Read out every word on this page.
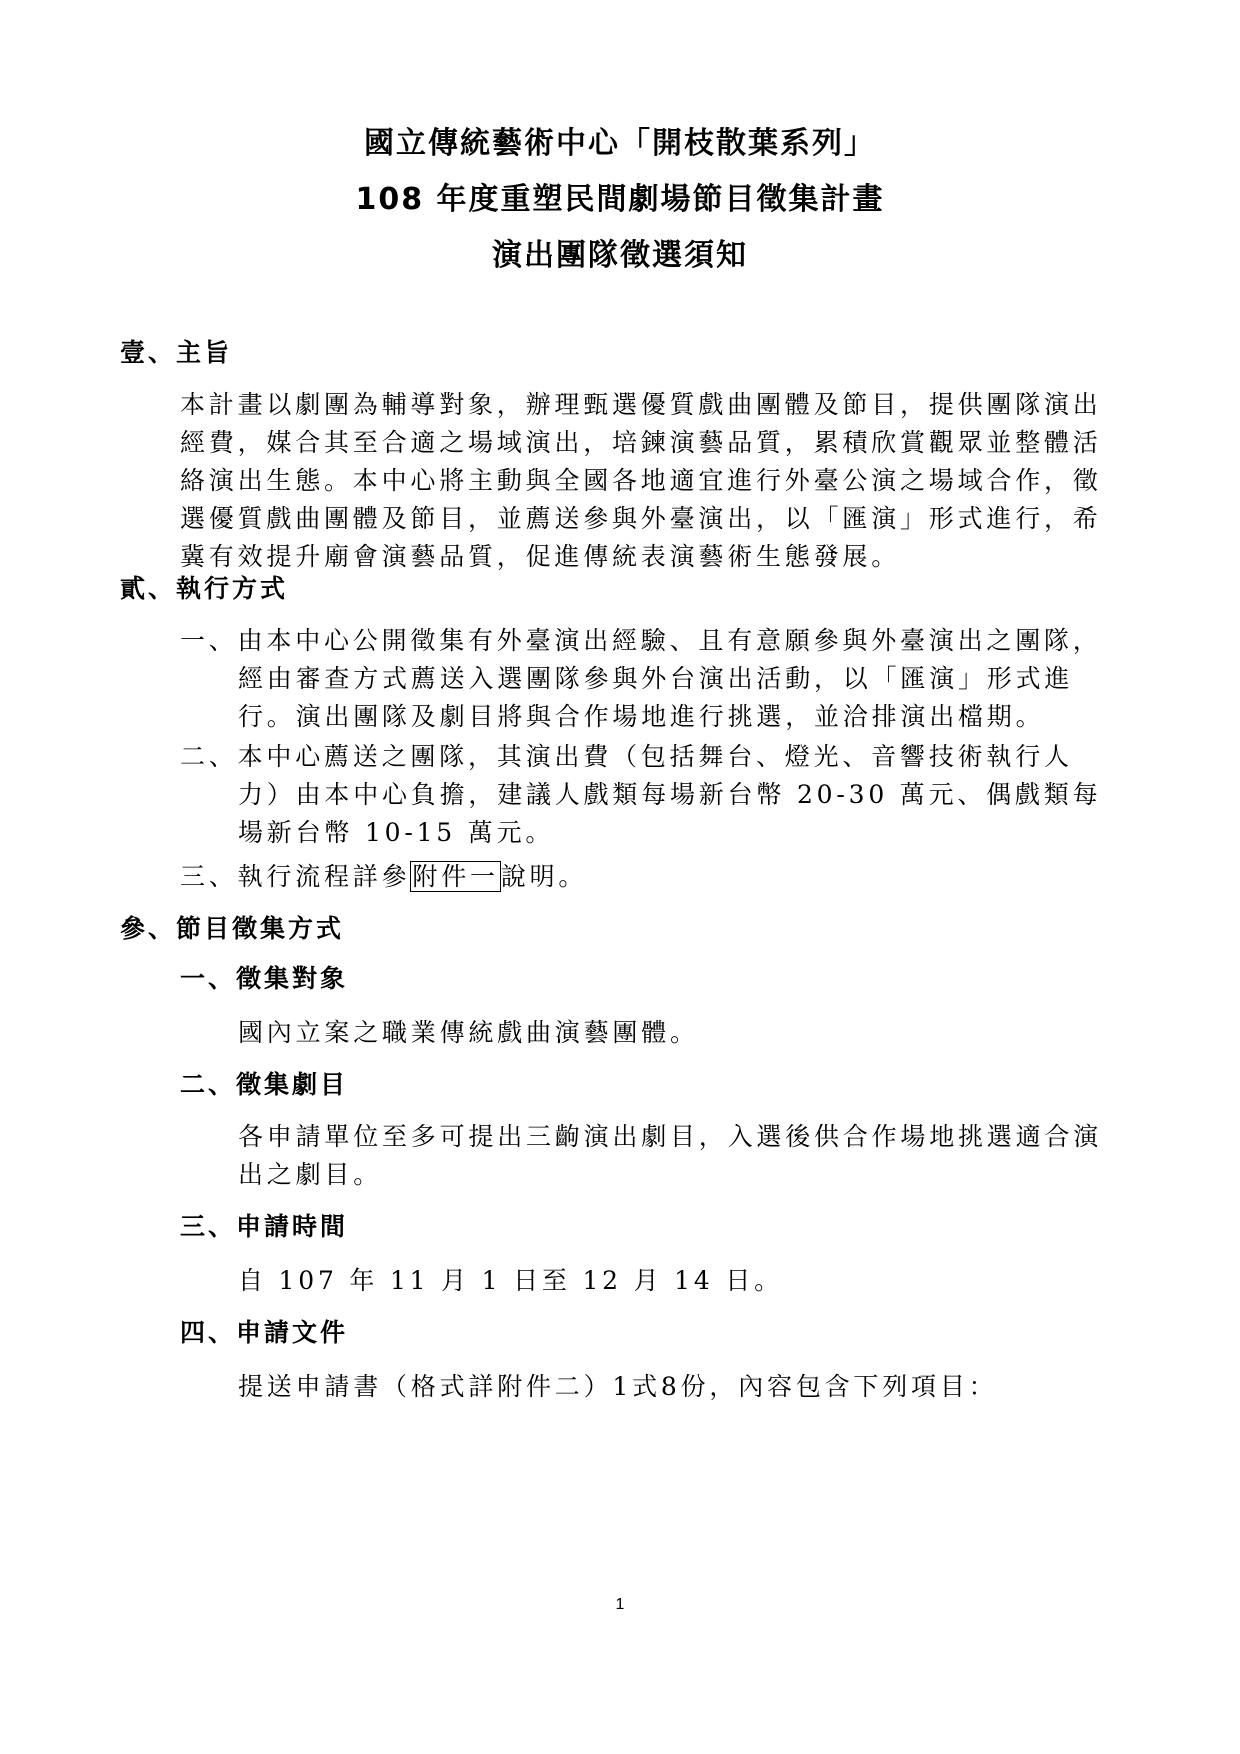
國立傳統藝術中心「開枝散葉系列」
108 年度重塑民間劇場節目徵集計畫
演出團隊徵選須知
壹、主旨
本計畫以劇團為輔導對象，辦理甄選優質戲曲團體及節目，提供團隊演出經費，媒合其至合適之場域演出，培鍊演藝品質，累積欣賞觀眾並整體活絡演出生態。本中心將主動與全國各地適宜進行外臺公演之場域合作，徵選優質戲曲團體及節目，並薦送參與外臺演出，以「匯演」形式進行，希冀有效提升廟會演藝品質，促進傳統表演藝術生態發展。
貳、執行方式
一、由本中心公開徵集有外臺演出經驗、且有意願參與外臺演出之團隊，經由審查方式薦送入選團隊參與外台演出活動，以「匯演」形式進行。演出團隊及劇目將與合作場地進行挑選，並洽排演出檔期。
二、本中心薦送之團隊，其演出費（包括舞台、燈光、音響技術執行人力）由本中心負擔，建議人戲類每場新台幣 20-30 萬元、偶戲類每場新台幣 10-15 萬元。
三、執行流程詳參附件一說明。
參、節目徵集方式
一、徵集對象
國內立案之職業傳統戲曲演藝團體。
二、徵集劇目
各申請單位至多可提出三齣演出劇目，入選後供合作場地挑選適合演出之劇目。
三、申請時間
自 107 年 11 月 1 日至 12 月 14 日。
四、申請文件
提送申請書（格式詳附件二）1式8份，內容包含下列項目：
1
